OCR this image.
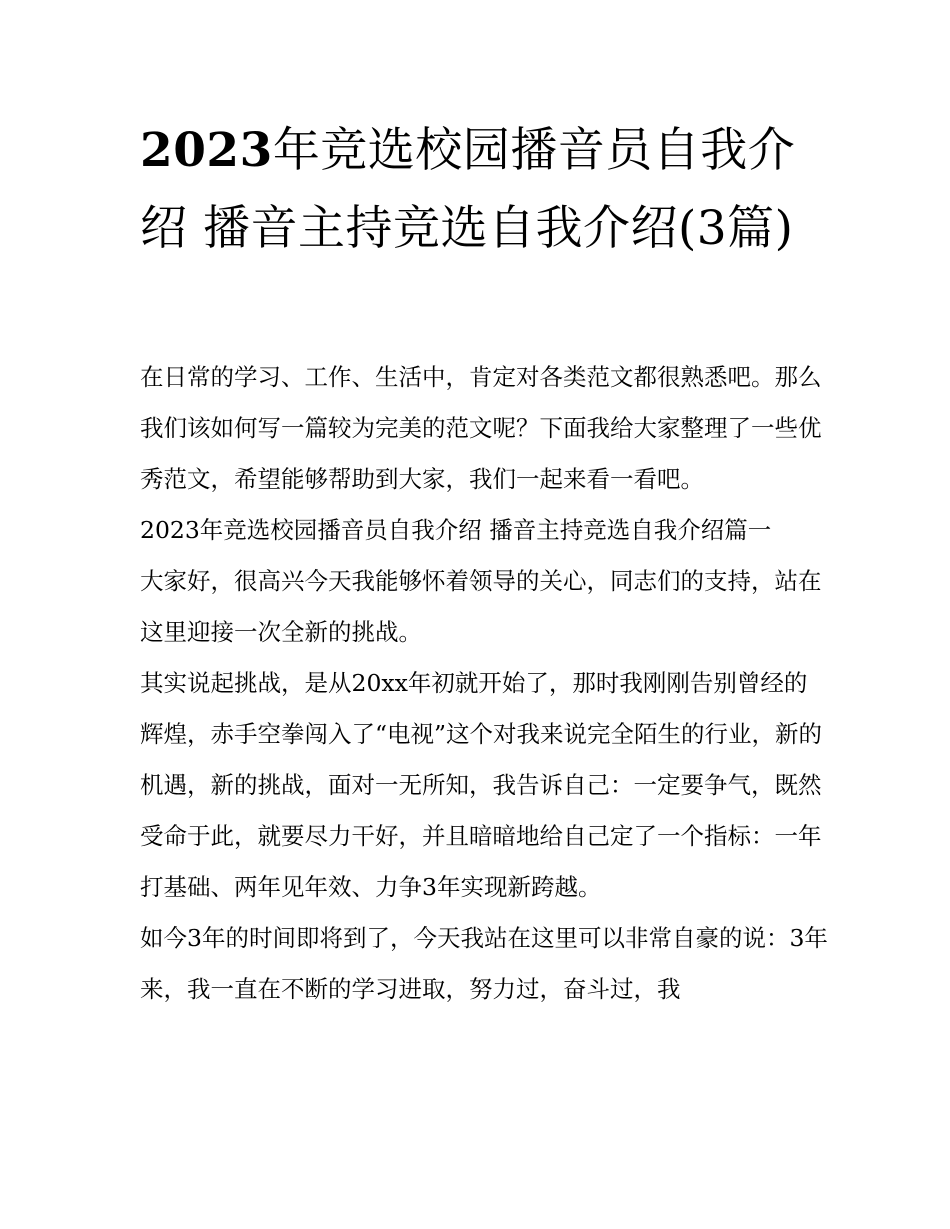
2023年竞选校园播音员自我介绍 播音主持竞选自我介绍(3篇)

在日常的学习、工作、生活中，肯定对各类范文都很熟悉吧。那么我们该如何写一篇较为完美的范文呢？下面我给大家整理了一些优秀范文，希望能够帮助到大家，我们一起来看一看吧。

2023年竞选校园播音员自我介绍 播音主持竞选自我介绍篇一

大家好，很高兴今天我能够怀着领导的关心，同志们的支持，站在这里迎接一次全新的挑战。

其实说起挑战，是从20xx年初就开始了，那时我刚刚告别曾经的辉煌，赤手空拳闯入了“电视”这个对我来说完全陌生的行业，新的机遇，新的挑战，面对一无所知，我告诉自己：一定要争气，既然受命于此，就要尽力干好，并且暗暗地给自己定了一个指标：一年打基础、两年见年效、力争3年实现新跨越。

如今3年的时间即将到了，今天我站在这里可以非常自豪的说：3年来，我一直在不断的学习进取，努力过，奋斗过，我
